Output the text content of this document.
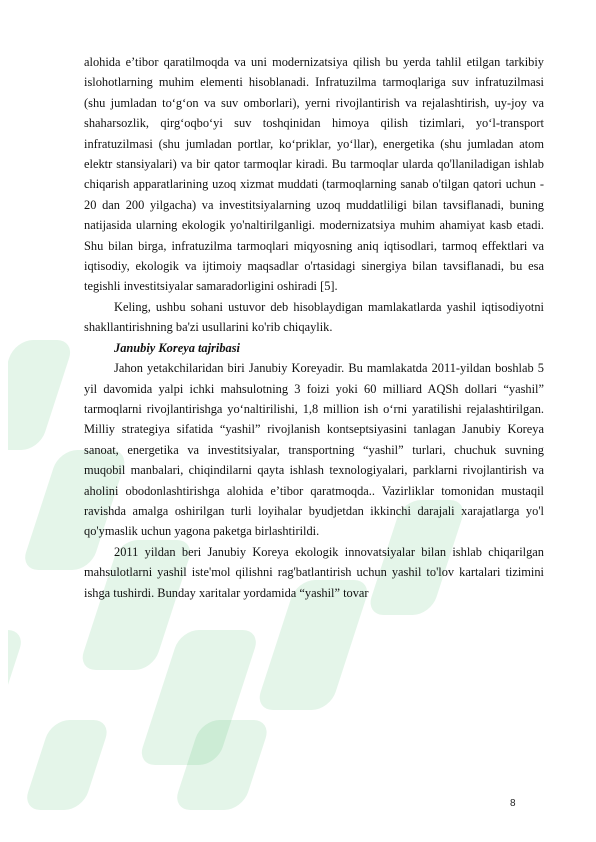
alohida e’tibor qaratilmoqda va uni modernizatsiya qilish bu yerda tahlil etilgan tarkibiy islohotlarning muhim elementi hisoblanadi. Infratuzilma tarmoqlariga suv infratuzilmasi (shu jumladan to‘g‘on va suv omborlari), yerni rivojlantirish va rejalashtirish, uy-joy va shaharsozlik, qirg‘oqbo‘yi suv toshqinidan himoya qilish tizimlari, yo‘l-transport infratuzilmasi (shu jumladan portlar, ko‘priklar, yo‘llar), energetika (shu jumladan atom elektr stansiyalari) va bir qator tarmoqlar kiradi. Bu tarmoqlar ularda qo'llaniladigan ishlab chiqarish apparatlarining uzoq xizmat muddati (tarmoqlarning sanab o'tilgan qatori uchun - 20 dan 200 yilgacha) va investitsiyalarning uzoq muddatliligi bilan tavsiflanadi, buning natijasida ularning ekologik yo'naltirilganligi. modernizatsiya muhim ahamiyat kasb etadi. Shu bilan birga, infratuzilma tarmoqlari miqyosning aniq iqtisodlari, tarmoq effektlari va iqtisodiy, ekologik va ijtimoiy maqsadlar o'rtasidagi sinergiya bilan tavsiflanadi, bu esa tegishli investitsiyalar samaradorligini oshiradi [5].

Keling, ushbu sohani ustuvor deb hisoblaydigan mamlakatlarda yashil iqtisodiyotni shakllantirishning ba'zi usullarini ko'rib chiqaylik.

Janubiy Koreya tajribasi

Jahon yetakchilaridan biri Janubiy Koreyadir. Bu mamlakatda 2011-yildan boshlab 5 yil davomida yalpi ichki mahsulotning 3 foizi yoki 60 milliard AQSh dollari “yashil” tarmoqlarni rivojlantirishga yo‘naltirilishi, 1,8 million ish o‘rni yaratilishi rejalashtirilgan. Milliy strategiya sifatida “yashil” rivojlanish kontseptsiyasini tanlagan Janubiy Koreya sanoat, energetika va investitsiyalar, transportning “yashil” turlari, chuchuk suvning muqobil manbalari, chiqindilarni qayta ishlash texnologiyalari, parklarni rivojlantirish va aholini obodonlashtirishga alohida e’tibor qaratmoqda.. Vazirliklar tomonidan mustaqil ravishda amalga oshirilgan turli loyihalar byudjetdan ikkinchi darajali xarajatlarga yo'l qo'ymaslik uchun yagona paketga birlashtirildi.

2011 yildan beri Janubiy Koreya ekologik innovatsiyalar bilan ishlab chiqarilgan mahsulotlarni yashil iste'mol qilishni rag'batlantirish uchun yashil to'lov kartalari tizimini ishga tushirdi. Bunday xaritalar yordamida “yashil” tovar

8
